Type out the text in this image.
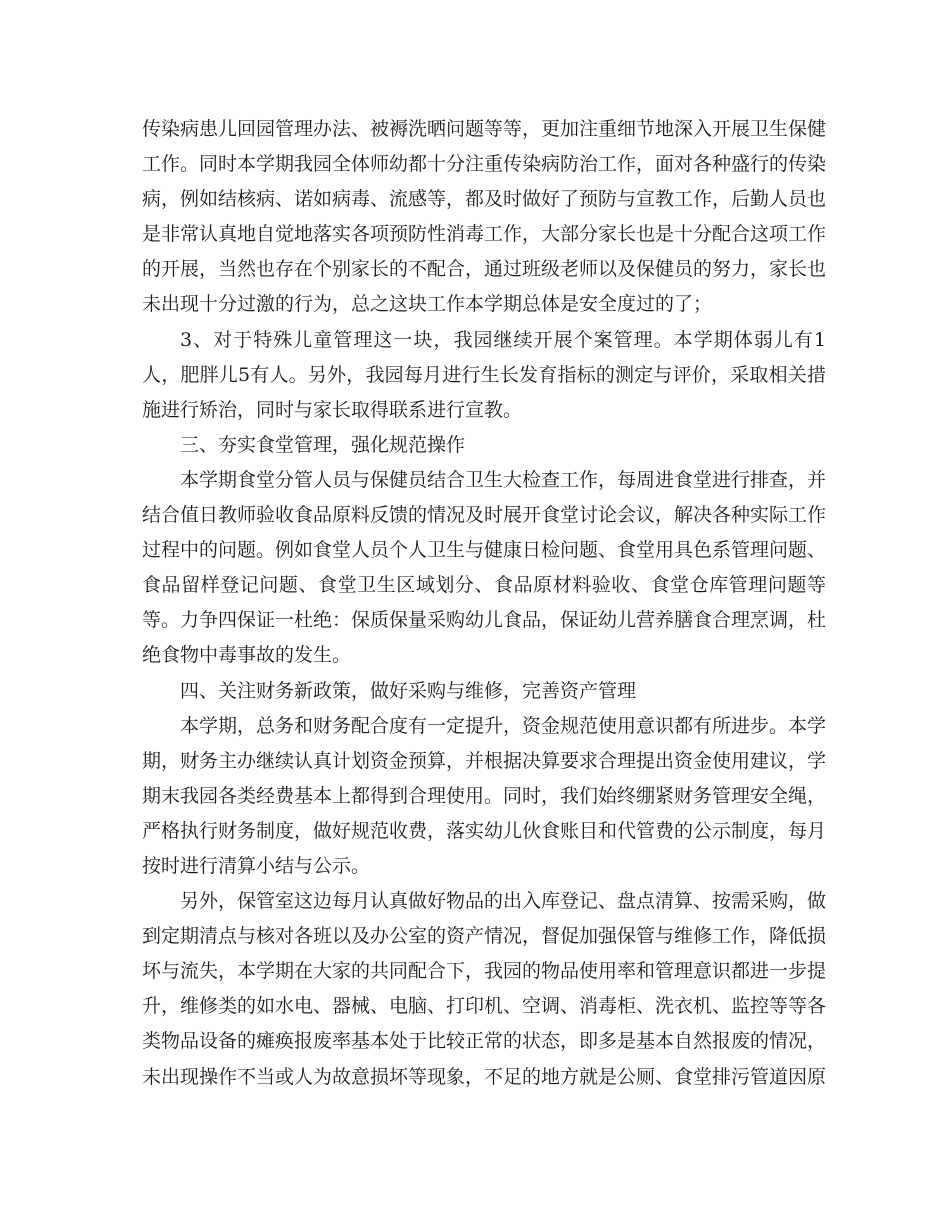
传染病患儿回园管理办法、被褥洗晒问题等等，更加注重细节地深入开展卫生保健工作。同时本学期我园全体师幼都十分注重传染病防治工作，面对各种盛行的传染病，例如结核病、诺如病毒、流感等，都及时做好了预防与宣教工作，后勤人员也是非常认真地自觉地落实各项预防性消毒工作，大部分家长也是十分配合这项工作的开展，当然也存在个别家长的不配合，通过班级老师以及保健员的努力，家长也未出现十分过激的行为，总之这块工作本学期总体是安全度过的了；

3、对于特殊儿童管理这一块，我园继续开展个案管理。本学期体弱儿有1人，肥胖儿5有人。另外，我园每月进行生长发育指标的测定与评价，采取相关措施进行矫治，同时与家长取得联系进行宣教。

三、夯实食堂管理，强化规范操作

本学期食堂分管人员与保健员结合卫生大检查工作，每周进食堂进行排查，并结合值日教师验收食品原料反馈的情况及时展开食堂讨论会议，解决各种实际工作过程中的问题。例如食堂人员个人卫生与健康日检问题、食堂用具色系管理问题、食品留样登记问题、食堂卫生区域划分、食品原材料验收、食堂仓库管理问题等等。力争四保证一杜绝：保质保量采购幼儿食品，保证幼儿营养膳食合理烹调，杜绝食物中毒事故的发生。

四、关注财务新政策，做好采购与维修，完善资产管理

本学期，总务和财务配合度有一定提升，资金规范使用意识都有所进步。本学期，财务主办继续认真计划资金预算，并根据决算要求合理提出资金使用建议，学期末我园各类经费基本上都得到合理使用。同时，我们始终绷紧财务管理安全绳，严格执行财务制度，做好规范收费，落实幼儿伙食账目和代管费的公示制度，每月按时进行清算小结与公示。

另外，保管室这边每月认真做好物品的出入库登记、盘点清算、按需采购，做到定期清点与核对各班以及办公室的资产情况，督促加强保管与维修工作，降低损坏与流失，本学期在大家的共同配合下，我园的物品使用率和管理意识都进一步提升，维修类的如水电、器械、电脑、打印机、空调、消毒柜、洗衣机、监控等等各类物品设备的瘫痪报废率基本处于比较正常的状态，即多是基本自然报废的情况，未出现操作不当或人为故意损坏等现象，不足的地方就是公厕、食堂排污管道因原
